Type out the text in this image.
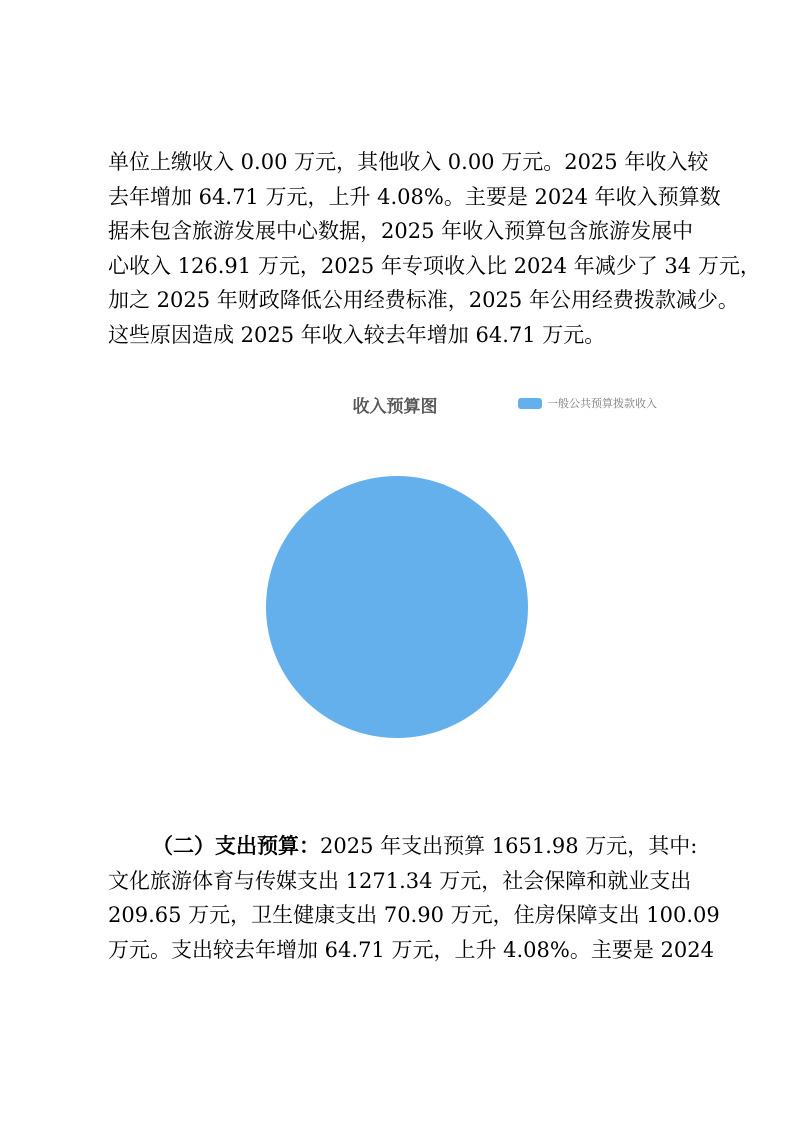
单位上缴收入 0.00 万元，其他收入 0.00 万元。2025 年收入较
去年增加 64.71 万元，上升 4.08%。主要是 2024 年收入预算数
据未包含旅游发展中心数据，2025 年收入预算包含旅游发展中
心收入 126.91 万元，2025 年专项收入比 2024 年减少了 34 万元，
加之 2025 年财政降低公用经费标准，2025 年公用经费拨款减少。
这些原因造成 2025 年收入较去年增加 64.71 万元。
收入预算图	一般公共预算拨款收入
100%
（二）支出预算：2025 年支出预算 1651.98 万元，其中:
文化旅游体育与传媒支出 1271.34 万元，社会保障和就业支出
209.65 万元，卫生健康支出 70.90 万元，住房保障支出 100.09
万元。支出较去年增加 64.71 万元，上升 4.08%。主要是 2024
